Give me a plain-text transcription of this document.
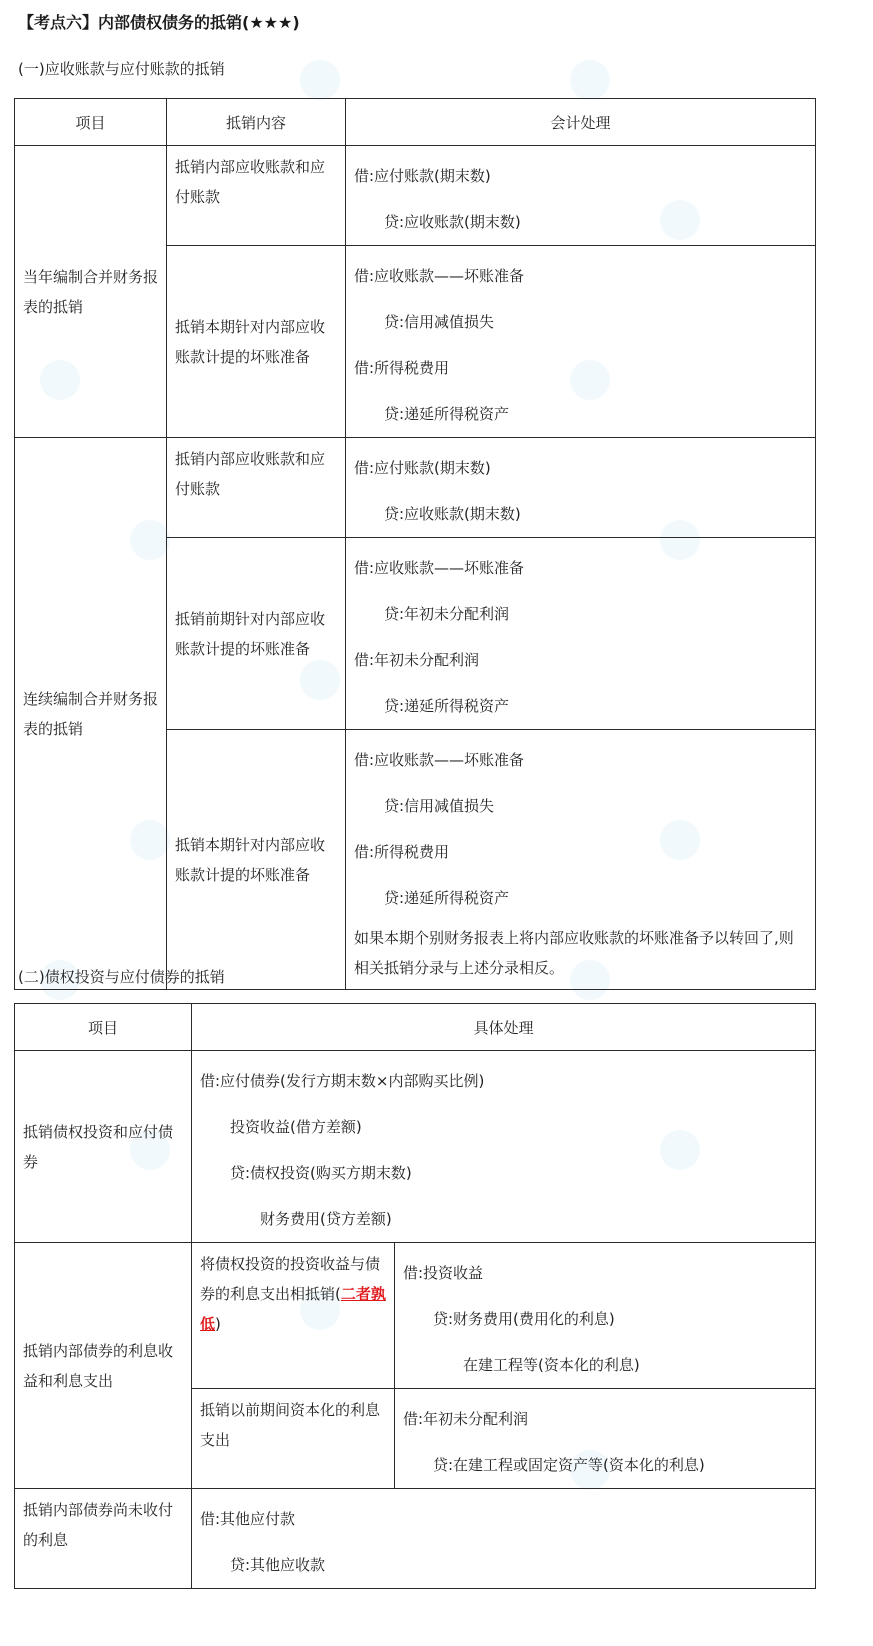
【考点六】内部债权债务的抵销(★★★)
(一)应收账款与应付账款的抵销
项目	抵销内容	会计处理

当年编制合并财务报表的抵销	抵销内部应收账款和应付账款	借:应付账款(期末数)
贷:应收账款(期末数)

	抵销本期针对内部应收账款计提的坏账准备	借:应收账款——坏账准备
贷:信用减值损失
借:所得税费用
贷:递延所得税资产

连续编制合并财务报表的抵销	抵销内部应收账款和应付账款	借:应付账款(期末数)
贷:应收账款(期末数)

	抵销前期针对内部应收账款计提的坏账准备	借:应收账款——坏账准备
贷:年初未分配利润
借:年初未分配利润
贷:递延所得税资产

	抵销本期针对内部应收账款计提的坏账准备	借:应收账款——坏账准备
贷:信用减值损失
借:所得税费用
贷:递延所得税资产
如果本期个别财务报表上将内部应收账款的坏账准备予以转回了,则相关抵销分录与上述分录相反。
(二)债权投资与应付债券的抵销
项目	具体处理	

抵销债权投资和应付债券	借:应付债券(发行方期末数×内部购买比例)
投资收益(借方差额)
贷:债权投资(购买方期末数)
财务费用(贷方差额)	

抵销内部债券的利息收益和利息支出	将债权投资的投资收益与债券的利息支出相抵销(二者孰低)	借:投资收益
贷:财务费用(费用化的利息)
在建工程等(资本化的利息)

	抵销以前期间资本化的利息支出	借:年初未分配利润
贷:在建工程或固定资产等(资本化的利息)

抵销内部债券尚未收付的利息	借:其他应付款
贷:其他应收款	
